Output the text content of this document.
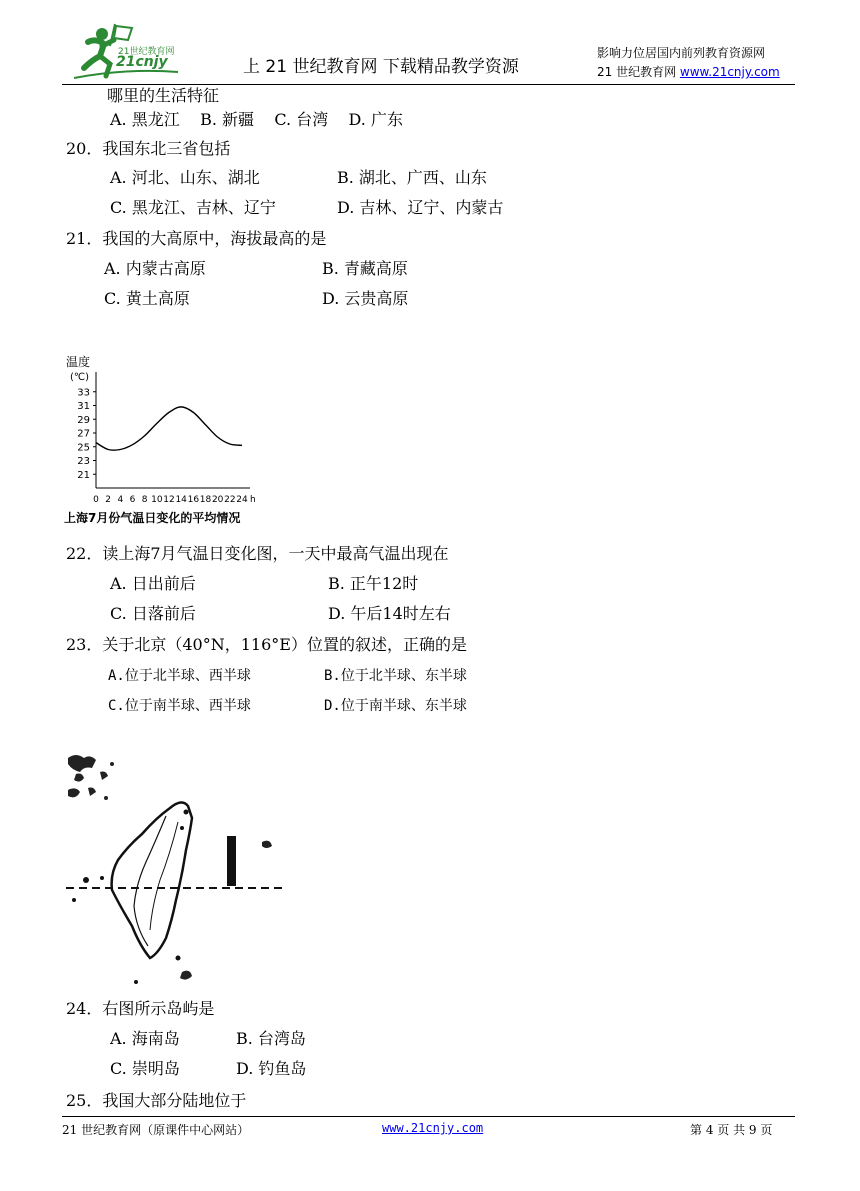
21世纪教育网
21cnjy	上 21 世纪教育网 下载精品教学资源
影响力位居国内前列教育资源网
21 世纪教育网 www.21cnjy.com
哪里的生活特征
A. 黑龙江    B. 新疆    C. 台湾    D. 广东
20．我国东北三省包括
A. 河北、山东、湖北	B. 湖北、广西、山东
C. 黑龙江、吉林、辽宁	D. 吉林、辽宁、内蒙古
21．我国的大高原中，海拔最高的是
A. 内蒙古高原	B. 青藏高原
C. 黄土高原	D. 云贵高原
温度
(℃)
21
23
25
27
29
31
33
0 2 4 6 8 10 12 14 16 18 20 22 24 h
上海7月份气温日变化的平均情况
22．读上海7月气温日变化图，一天中最高气温出现在
A. 日出前后	B. 正午12时
C. 日落前后	D. 午后14时左右
23．关于北京（40°N，116°E）位置的叙述，正确的是
A.位于北半球、西半球	B.位于北半球、东半球
C.位于南半球、西半球	D.位于南半球、东半球
24．右图所示岛屿是
A. 海南岛	B. 台湾岛
C. 崇明岛	D. 钓鱼岛
25．我国大部分陆地位于
21 世纪教育网（原课件中心网站）	www.21cnjy.com	第 4 页 共 9 页
